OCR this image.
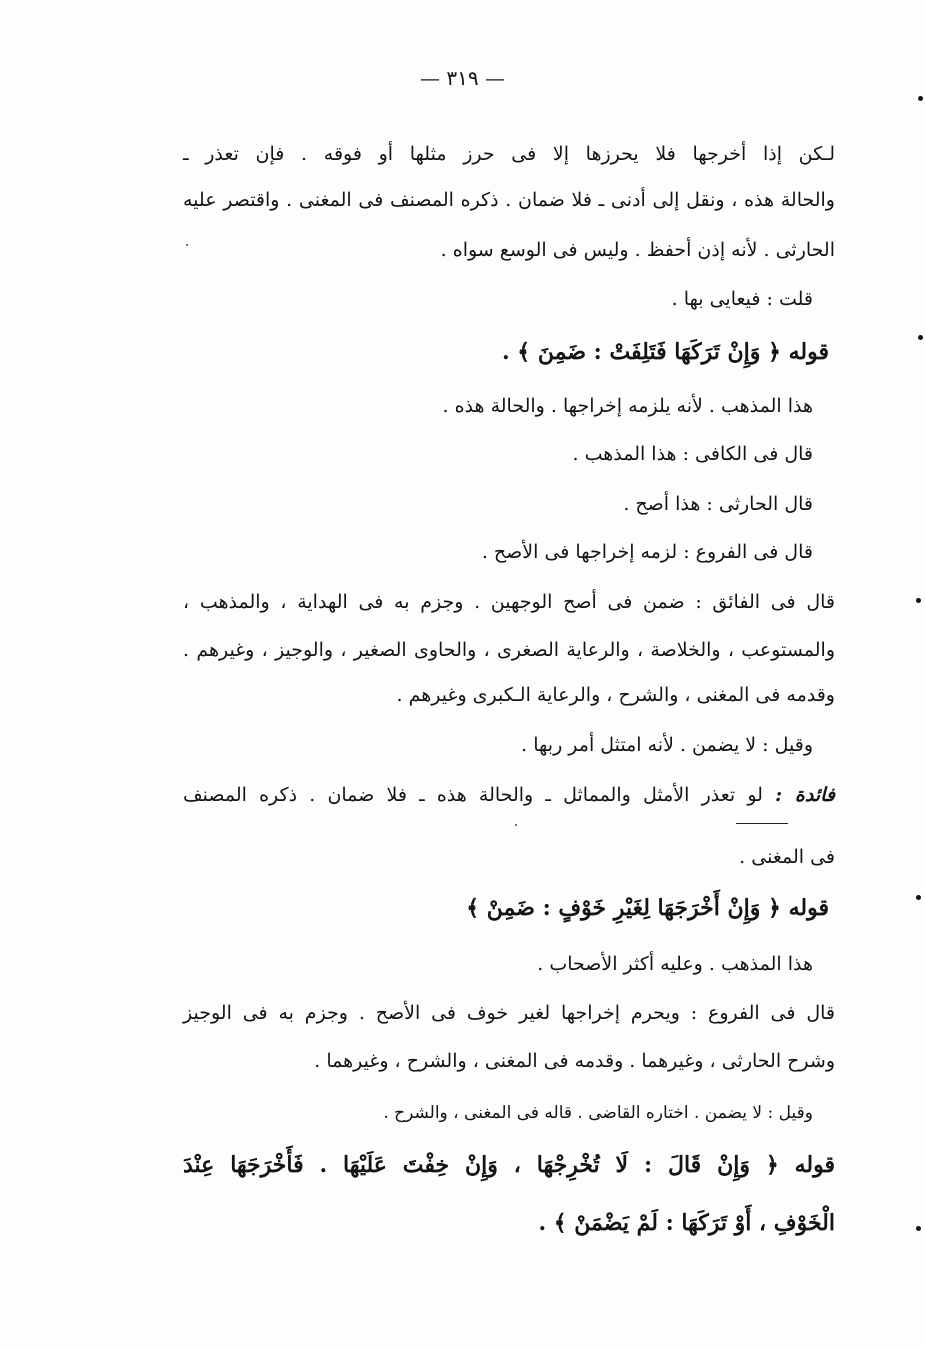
— ٣١٩ —
لـكن إذا أخرجها فلا يحرزها إلا فى حرز مثلها أو فوقه . فإن تعذر ـ
والحالة هذه ، ونقل إلى أدنى ـ فلا ضمان . ذكره المصنف فى المغنى . واقتصر عليه
الحارثى . لأنه إذن أحفظ . وليس فى الوسع سواه .
قلت : فيعايى بها .
قوله ﴿ وَإِنْ تَرَكَهَا فَتَلِفَتْ : ضَمِنَ ﴾ .
هذا المذهب . لأنه يلزمه إخراجها . والحالة هذه .
قال فى الكافى : هذا المذهب .
قال الحارثى : هذا أصح .
قال فى الفروع : لزمه إخراجها فى الأصح .
قال فى الفائق : ضمن فى أصح الوجهين . وجزم به فى الهداية ، والمذهب ،
والمستوعب ، والخلاصة ، والرعاية الصغرى ، والحاوى الصغير ، والوجيز ، وغيرهم .
وقدمه فى المغنى ، والشرح ، والرعاية الـكبرى وغيرهم .
وقيل : لا يضمن . لأنه امتثل أمر ربها .
فائدة : لو تعذر الأمثل والمماثل ـ والحالة هذه ـ فلا ضمان . ذكره المصنف
فى المغنى .
قوله ﴿ وَإِنْ أَخْرَجَهَا لِغَيْرِ خَوْفٍ : ضَمِنْ ﴾
هذا المذهب . وعليه أكثر الأصحاب .
قال فى الفروع : ويحرم إخراجها لغير خوف فى الأصح . وجزم به فى الوجيز
وشرح الحارثى ، وغيرهما . وقدمه فى المغنى ، والشرح ، وغيرهما .
وقيل : لا يضمن . اختاره القاضى . قاله فى المغنى ، والشرح .
قوله ﴿ وَإِنْ قَالَ : لَا تُخْرِجْهَا ، وَإِنْ خِفْتَ عَلَيْهَا . فَأَخْرَجَهَا عِنْدَ
الْخَوْفِ ، أَوْ تَرَكَهَا : لَمْ يَضْمَنْ ﴾ .
